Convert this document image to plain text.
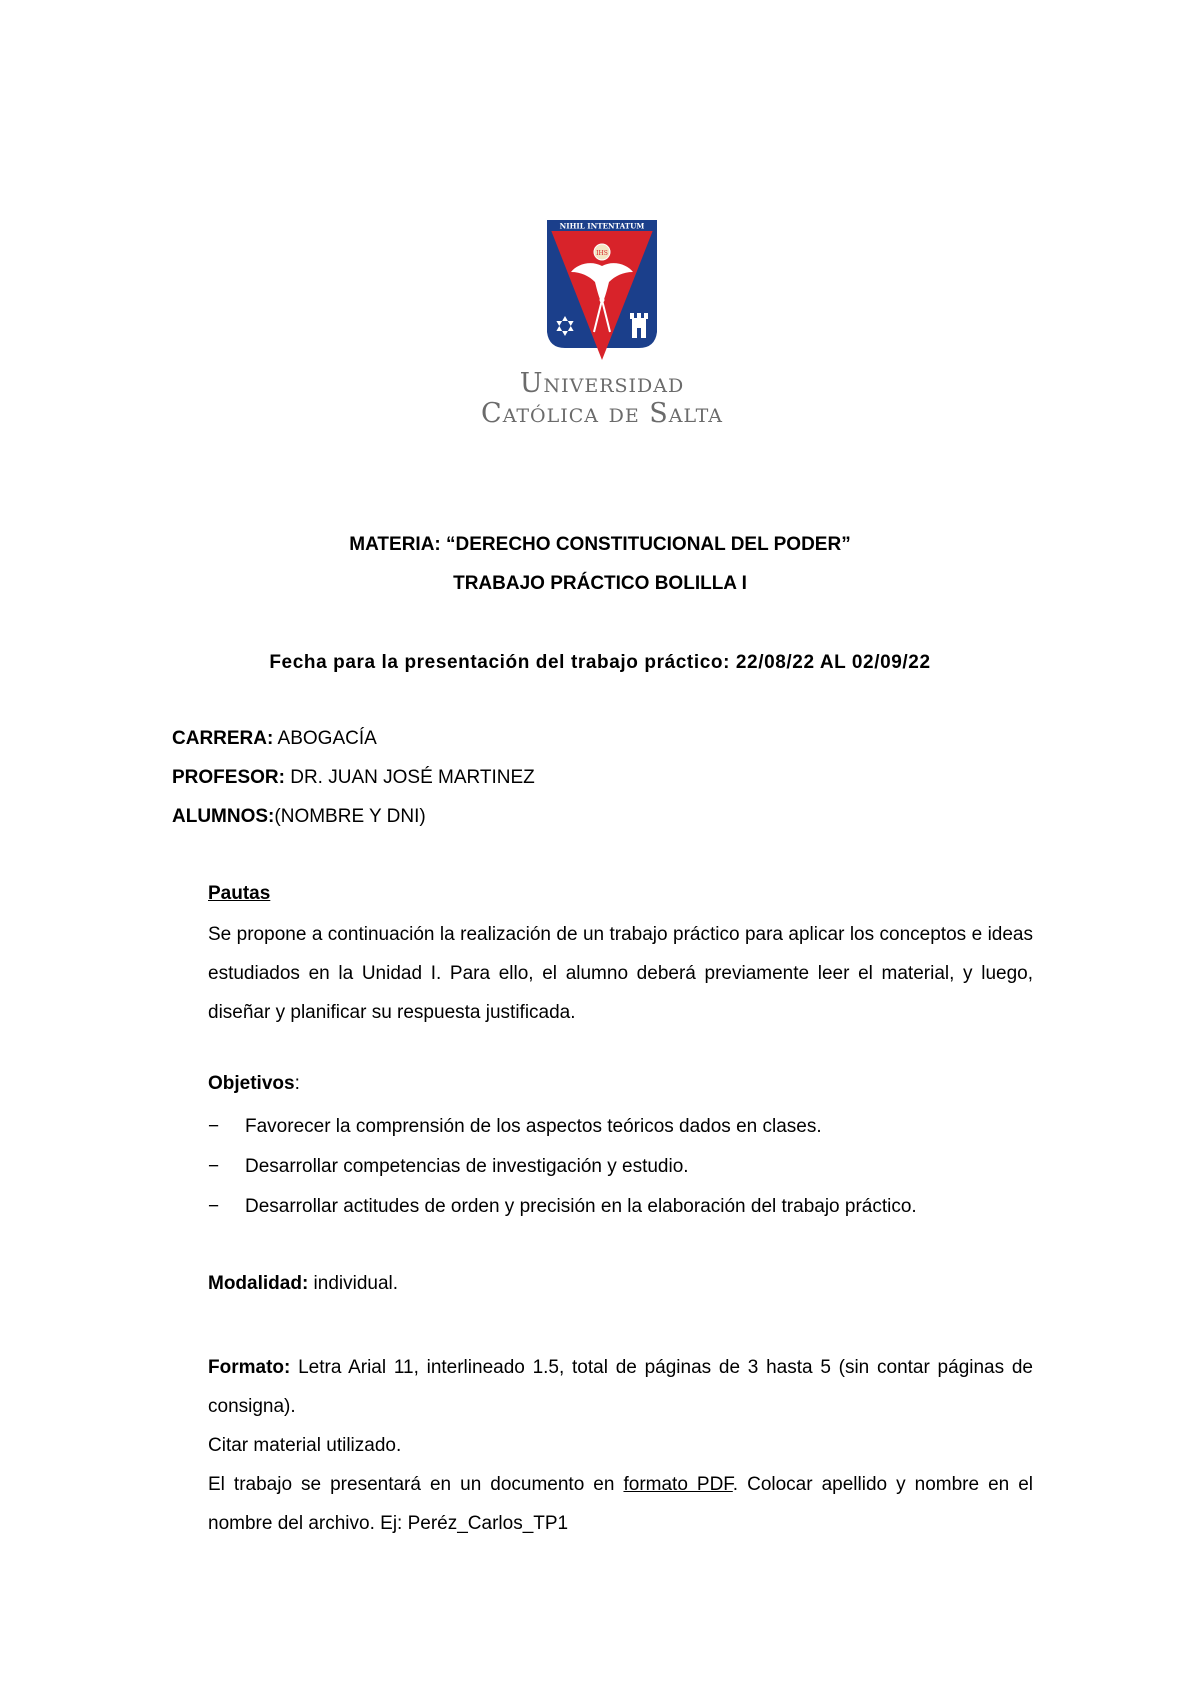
NIHIL INTENTATUM
IHS
Universidad
Católica de Salta
MATERIA: “DERECHO CONSTITUCIONAL DEL PODER”
TRABAJO PRÁCTICO BOLILLA I
Fecha para la presentación del trabajo práctico: 22/08/22 AL 02/09/22
CARRERA: ABOGACÍA
PROFESOR: DR. JUAN JOSÉ MARTINEZ
ALUMNOS:(NOMBRE Y DNI)
Pautas
Se propone a continuación la realización de un trabajo práctico para aplicar los conceptos e ideas estudiados en la Unidad I. Para ello, el alumno deberá previamente leer el material, y luego, diseñar y planificar su respuesta justificada.
Objetivos:
− Favorecer la comprensión de los aspectos teóricos dados en clases.
− Desarrollar competencias de investigación y estudio.
− Desarrollar actitudes de orden y precisión en la elaboración del trabajo práctico.
Modalidad: individual.
Formato: Letra Arial 11, interlineado 1.5, total de páginas de 3 hasta 5 (sin contar páginas de consigna).
Citar material utilizado.
El trabajo se presentará en un documento en formato PDF. Colocar apellido y nombre en el nombre del archivo. Ej: Peréz_Carlos_TP1
